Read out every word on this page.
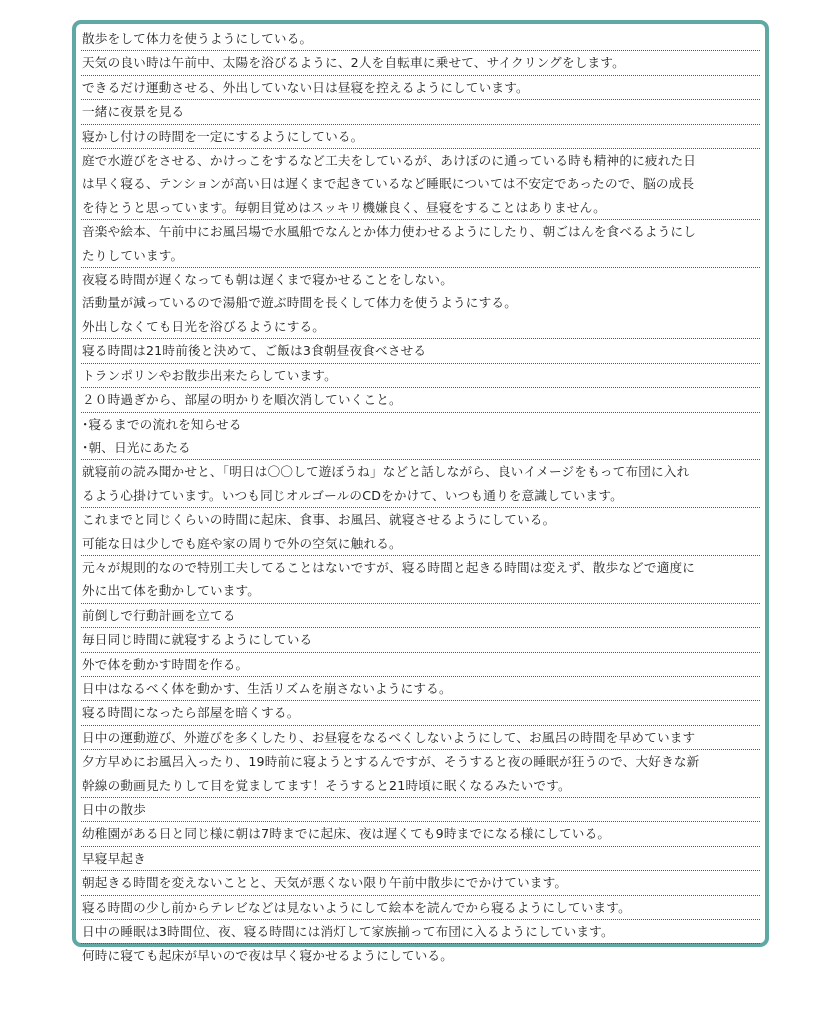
散歩をして体力を使うようにしている。
天気の良い時は午前中、太陽を浴びるように、2人を自転車に乗せて、サイクリングをします。
できるだけ運動させる、外出していない日は昼寝を控えるようにしています。
一緒に夜景を見る
寝かし付けの時間を一定にするようにしている。
庭で水遊びをさせる、かけっこをするなど工夫をしているが、あけぼのに通っている時も精神的に疲れた日
は早く寝る、テンションが高い日は遅くまで起きているなど睡眠については不安定であったので、脳の成長
を待とうと思っています。毎朝目覚めはスッキリ機嫌良く、昼寝をすることはありません。
音楽や絵本、午前中にお風呂場で水風船でなんとか体力使わせるようにしたり、朝ごはんを食べるようにし
たりしています。
夜寝る時間が遅くなっても朝は遅くまで寝かせることをしない。
活動量が減っているので湯船で遊ぶ時間を長くして体力を使うようにする。
外出しなくても日光を浴びるようにする。
寝る時間は21時前後と決めて、ご飯は3食朝昼夜食べさせる
トランポリンやお散歩出来たらしています。
２０時過ぎから、部屋の明かりを順次消していくこと。
･寝るまでの流れを知らせる
･朝、日光にあたる
就寝前の読み聞かせと、「明日は〇〇して遊ぼうね」などと話しながら、良いイメージをもって布団に入れ
るよう心掛けています。いつも同じオルゴールのCDをかけて、いつも通りを意識しています。
これまでと同じくらいの時間に起床、食事、お風呂、就寝させるようにしている。
可能な日は少しでも庭や家の周りで外の空気に触れる。
元々が規則的なので特別工夫してることはないですが、寝る時間と起きる時間は変えず、散歩などで適度に
外に出て体を動かしています。
前倒しで行動計画を立てる
毎日同じ時間に就寝するようにしている
外で体を動かす時間を作る。
日中はなるべく体を動かす、生活リズムを崩さないようにする。
寝る時間になったら部屋を暗くする。
日中の運動遊び、外遊びを多くしたり、お昼寝をなるべくしないようにして、お風呂の時間を早めています
夕方早めにお風呂入ったり、19時前に寝ようとするんですが、そうすると夜の睡眠が狂うので、大好きな新
幹線の動画見たりして目を覚ましてます！そうすると21時頃に眠くなるみたいです。
日中の散歩
幼稚園がある日と同じ様に朝は7時までに起床、夜は遅くても9時までになる様にしている。
早寝早起き
朝起きる時間を変えないことと、天気が悪くない限り午前中散歩にでかけています。
寝る時間の少し前からテレビなどは見ないようにして絵本を読んでから寝るようにしています。
日中の睡眠は3時間位、夜、寝る時間には消灯して家族揃って布団に入るようにしています。
何時に寝ても起床が早いので夜は早く寝かせるようにしている。
